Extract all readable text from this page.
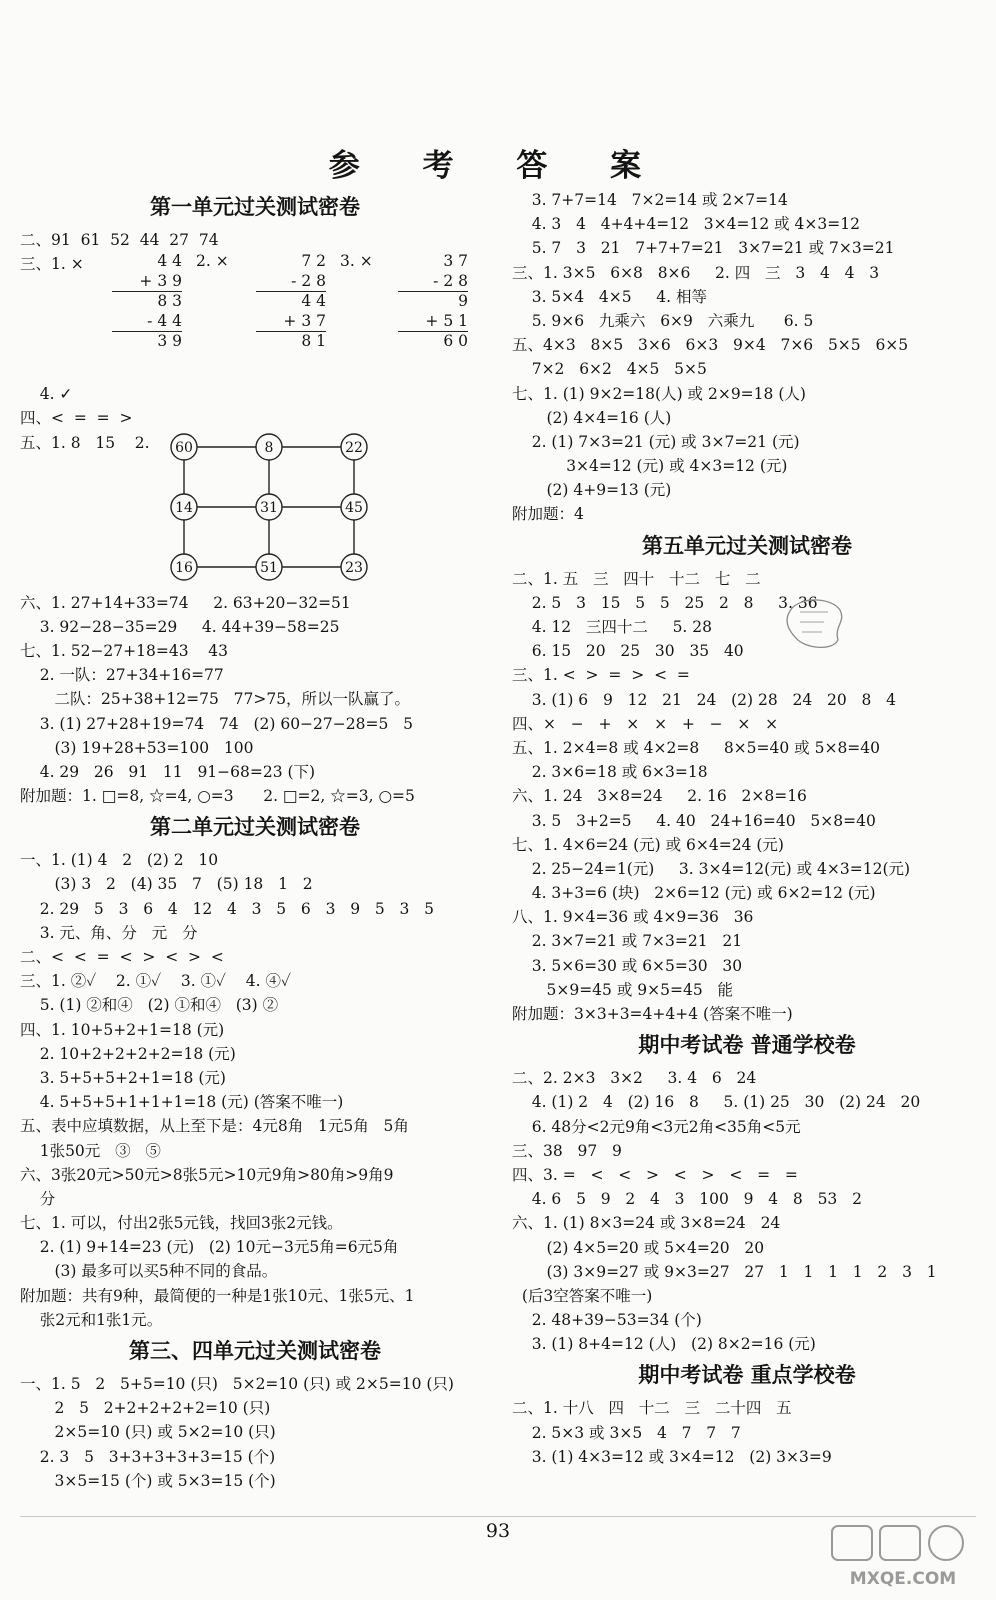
参 考 答 案
第一单元过关测试密卷
二、91  61  52  44  27  74
三、1. ×	4 4
+ 3 9
8 3
- 4 4
3 9
2. ×	7 2
- 2 8
4 4
+ 3 7
8 1
3. ×	3 7
- 2 8
9
+ 5 1
6 0
4. ✓
四、<  =  =  >
五、1. 8   15    2. 60	8	22
14	31	45
16	51	23
六、1. 27+14+33=74     2. 63+20−32=51
3. 92−28−35=29     4. 44+39−58=25
七、1. 52−27+18=43    43
2. 一队：27+34+16=77
二队：25+38+12=75   77>75，所以一队赢了。
3. (1) 27+28+19=74   74   (2) 60−27−28=5   5
(3) 19+28+53=100   100
4. 29   26   91   11   91−68=23 (下)
附加题：1. □=8, ☆=4, ○=3      2. □=2, ☆=3, ○=5
第二单元过关测试密卷
一、1. (1) 4   2   (2) 2   10
(3) 3   2   (4) 35   7   (5) 18   1   2
2. 29   5   3   6   4   12   4   3   5   6   3   9   5   3   5
3. 元、角、分   元   分
二、<  <  =  <  >  <  >  <
三、1. ②✓    2. ①✓    3. ①✓    4. ④✓
5. (1) ②和④   (2) ①和④   (3) ②
四、1. 10+5+2+1=18 (元)
2. 10+2+2+2+2=18 (元)
3. 5+5+5+2+1=18 (元)
4. 5+5+5+1+1+1=18 (元) (答案不唯一)
五、表中应填数据，从上至下是：4元8角   1元5角   5角
1张50元   ③   ⑤
六、3张20元>50元>8张5元>10元9角>80角>9角9
分
七、1. 可以，付出2张5元钱，找回3张2元钱。
2. (1) 9+14=23 (元)   (2) 10元−3元5角=6元5角
(3) 最多可以买5种不同的食品。
附加题：共有9种，最简便的一种是1张10元、1张5元、1
张2元和1张1元。
第三、四单元过关测试密卷
一、1. 5   2   5+5=10 (只)   5×2=10 (只) 或 2×5=10 (只)
2   5   2+2+2+2+2=10 (只)
2×5=10 (只) 或 5×2=10 (只)
2. 3   5   3+3+3+3+3=15 (个)
3×5=15 (个) 或 5×3=15 (个)
3. 7+7=14   7×2=14 或 2×7=14
4. 3   4   4+4+4=12   3×4=12 或 4×3=12
5. 7   3   21   7+7+7=21   3×7=21 或 7×3=21
三、1. 3×5   6×8   8×6     2. 四   三   3   4   4   3
3. 5×4   4×5     4. 相等
5. 9×6   九乘六   6×9   六乘九      6. 5
五、4×3   8×5   3×6   6×3   9×4   7×6   5×5   6×5
7×2   6×2   4×5   5×5
七、1. (1) 9×2=18(人) 或 2×9=18 (人)
(2) 4×4=16 (人)
2. (1) 7×3=21 (元) 或 3×7=21 (元)
3×4=12 (元) 或 4×3=12 (元)
(2) 4+9=13 (元)
附加题：4
第五单元过关测试密卷
二、1. 五   三   四十   十二   七   二
2. 5   3   15   5   5   25   2   8     3. 36
4. 12   三四十二     5. 28
6. 15   20   25   30   35   40
三、1. <  >  =  >  <  =
3. (1) 6   9   12   21   24   (2) 28   24   20   8   4
四、×   −   +   ×   ×   +   −   ×   ×
五、1. 2×4=8 或 4×2=8     8×5=40 或 5×8=40
2. 3×6=18 或 6×3=18
六、1. 24   3×8=24     2. 16   2×8=16
3. 5   3+2=5     4. 40   24+16=40   5×8=40
七、1. 4×6=24 (元) 或 6×4=24 (元)
2. 25−24=1(元)     3. 3×4=12(元) 或 4×3=12(元)
4. 3+3=6 (块)   2×6=12 (元) 或 6×2=12 (元)
八、1. 9×4=36 或 4×9=36   36
2. 3×7=21 或 7×3=21   21
3. 5×6=30 或 6×5=30   30
5×9=45 或 9×5=45   能
附加题：3×3+3=4+4+4 (答案不唯一)
期中考试卷 普通学校卷
二、2. 2×3   3×2     3. 4   6   24
4. (1) 2   4   (2) 16   8     5. (1) 25   30   (2) 24   20
6. 48分<2元9角<3元2角<35角<5元
三、38   97   9
四、3. =   <   <   >   <   >   <   =   =
4. 6   5   9   2   4   3   100   9   4   8   53   2
六、1. (1) 8×3=24 或 3×8=24   24
(2) 4×5=20 或 5×4=20   20
(3) 3×9=27 或 9×3=27   27   1   1   1   1   2   3   1
(后3空答案不唯一)
2. 48+39−53=34 (个)
3. (1) 8+4=12 (人)   (2) 8×2=16 (元)
期中考试卷 重点学校卷
二、1. 十八   四   十二   三   二十四   五
2. 5×3 或 3×5   4   7   7   7
3. (1) 4×3=12 或 3×4=12   (2) 3×3=9
93
MXQE.COM
